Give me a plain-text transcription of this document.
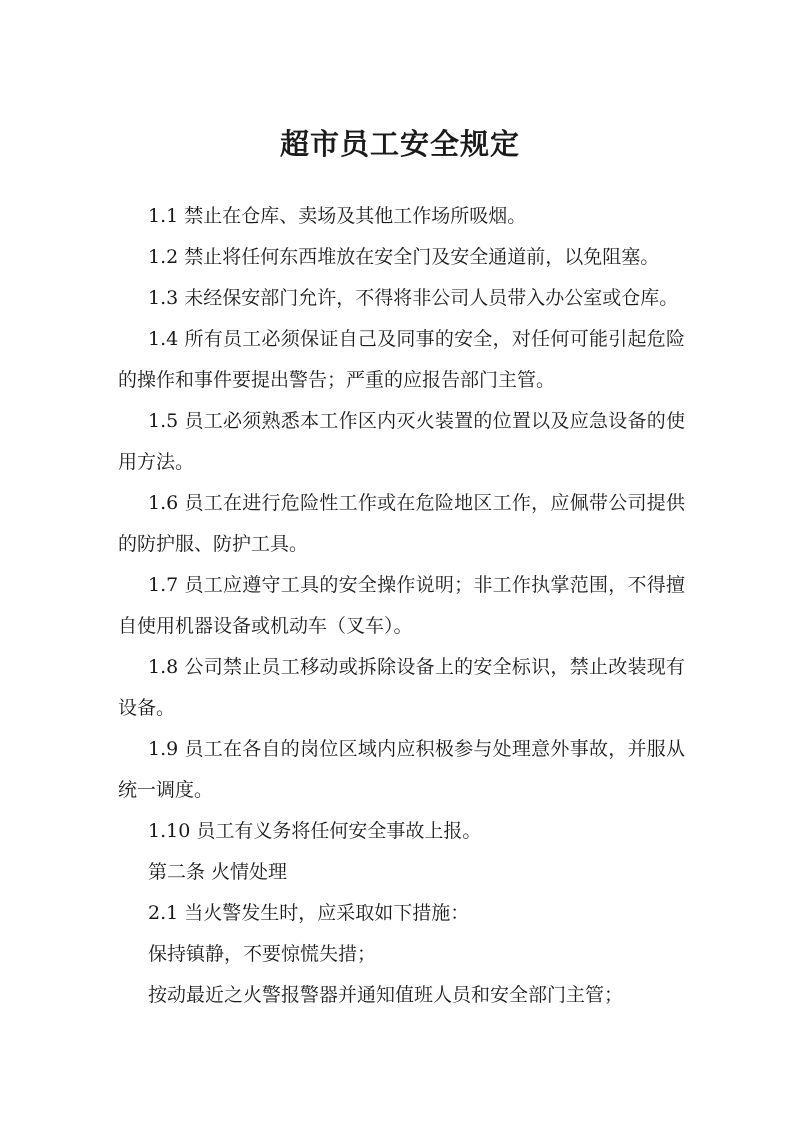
超市员工安全规定

1.1 禁止在仓库、卖场及其他工作场所吸烟。

1.2 禁止将任何东西堆放在安全门及安全通道前，以免阻塞。

1.3 未经保安部门允许，不得将非公司人员带入办公室或仓库。

1.4 所有员工必须保证自己及同事的安全，对任何可能引起危险的操作和事件要提出警告；严重的应报告部门主管。

1.5 员工必须熟悉本工作区内灭火装置的位置以及应急设备的使用方法。

1.6 员工在进行危险性工作或在危险地区工作，应佩带公司提供的防护服、防护工具。

1.7 员工应遵守工具的安全操作说明；非工作执掌范围，不得擅自使用机器设备或机动车（叉车）。

1.8 公司禁止员工移动或拆除设备上的安全标识，禁止改装现有设备。

1.9 员工在各自的岗位区域内应积极参与处理意外事故，并服从统一调度。

1.10 员工有义务将任何安全事故上报。

第二条 火情处理

2.1 当火警发生时，应采取如下措施：

保持镇静，不要惊慌失措；

按动最近之火警报警器并通知值班人员和安全部门主管；
